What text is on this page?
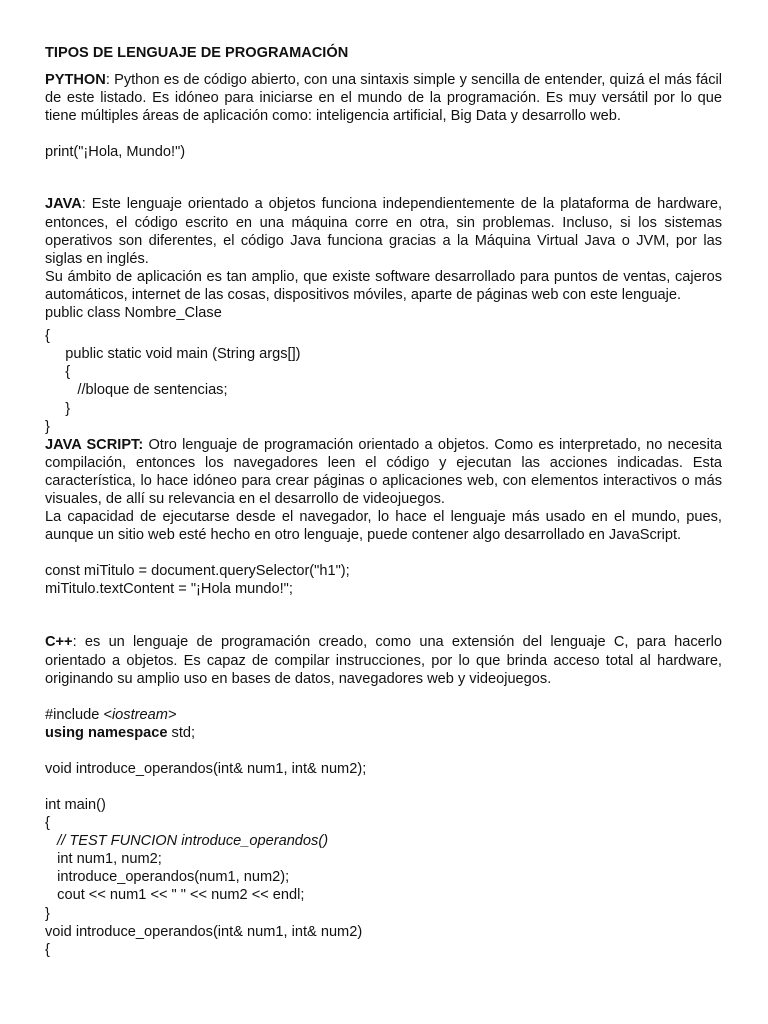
TIPOS DE LENGUAJE DE PROGRAMACIÓN

PYTHON: Python es de código abierto, con una sintaxis simple y sencilla de entender, quizá el más fácil de este listado. Es idóneo para iniciarse en el mundo de la programación. Es muy versátil por lo que tiene múltiples áreas de aplicación como: inteligencia artificial, Big Data y desarrollo web.

print("¡Hola, Mundo!")

JAVA: Este lenguaje orientado a objetos funciona independientemente de la plataforma de hardware, entonces, el código escrito en una máquina corre en otra, sin problemas. Incluso, si los sistemas operativos son diferentes, el código Java funciona gracias a la Máquina Virtual Java o JVM, por las siglas en inglés.

Su ámbito de aplicación es tan amplio, que existe software desarrollado para puntos de ventas, cajeros automáticos, internet de las cosas, dispositivos móviles, aparte de páginas web con este lenguaje.

public class Nombre_Clase
{
public static void main (String args[])
{
//bloque de sentencias;
}
}

JAVA SCRIPT: Otro lenguaje de programación orientado a objetos. Como es interpretado, no necesita compilación, entonces los navegadores leen el código y ejecutan las acciones indicadas. Esta característica, lo hace idóneo para crear páginas o aplicaciones web, con elementos interactivos o más visuales, de allí su relevancia en el desarrollo de videojuegos.

La capacidad de ejecutarse desde el navegador, lo hace el lenguaje más usado en el mundo, pues, aunque un sitio web esté hecho en otro lenguaje, puede contener algo desarrollado en JavaScript.

const miTitulo = document.querySelector("h1");
miTitulo.textContent = "¡Hola mundo!";

C++: es un lenguaje de programación creado, como una extensión del lenguaje C, para hacerlo orientado a objetos. Es capaz de compilar instrucciones, por lo que brinda acceso total al hardware, originando su amplio uso en bases de datos, navegadores web y videojuegos.

#include <iostream>
using namespace std;
void introduce_operandos(int& num1, int& num2);
int main()
{
// TEST FUNCION introduce_operandos()
int num1, num2;
introduce_operandos(num1, num2);
cout << num1 << " " << num2 << endl;
}
void introduce_operandos(int& num1, int& num2)
{
